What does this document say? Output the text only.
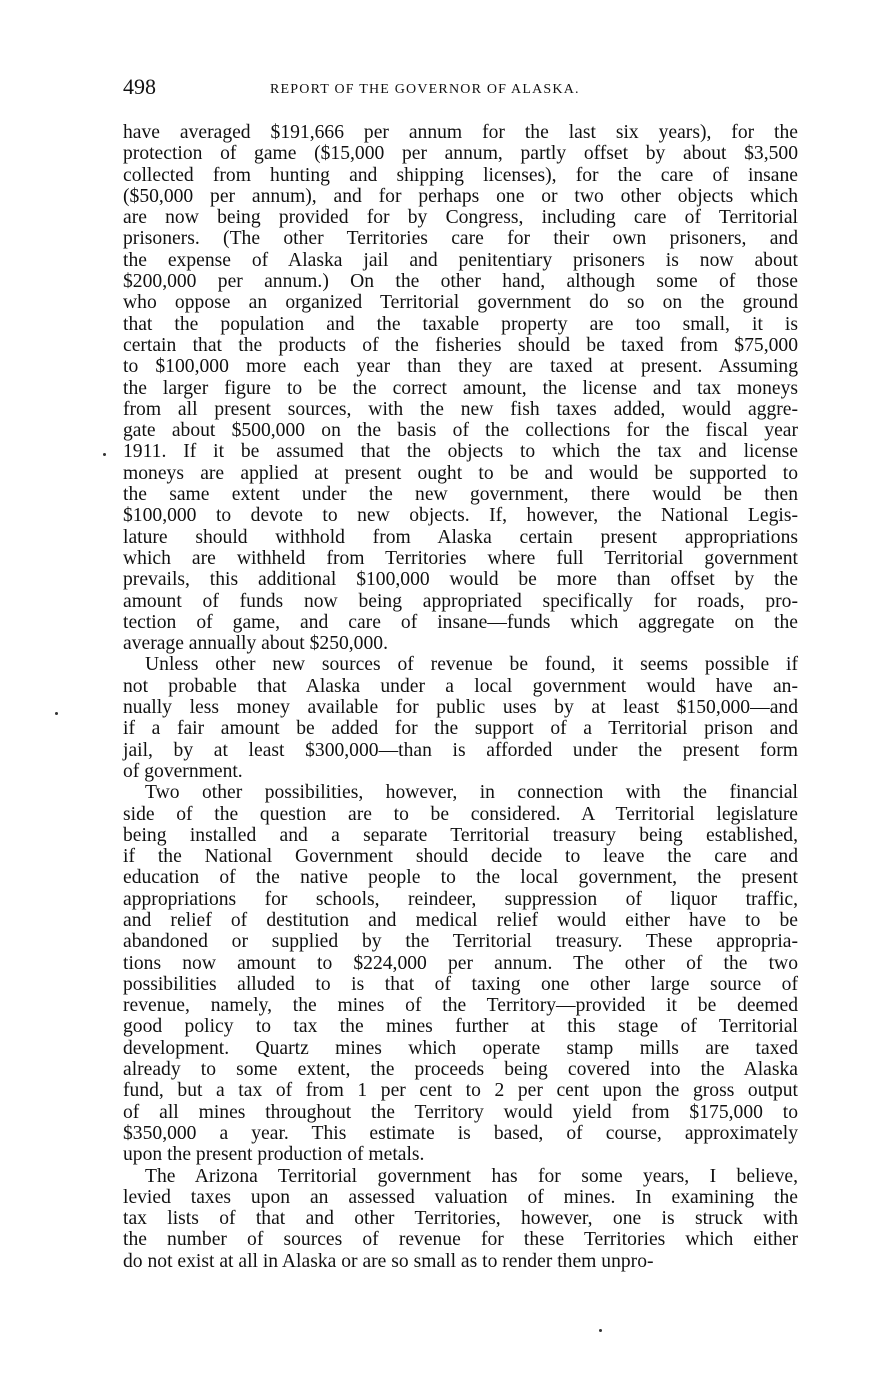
498	REPORT OF THE GOVERNOR OF ALASKA.
have averaged $191,666 per annum for the last six years), for the
protection of game ($15,000 per annum, partly offset by about $3,500
collected from hunting and shipping licenses), for the care of insane
($50,000 per annum), and for perhaps one or two other objects which
are now being provided for by Congress, including care of Territorial
prisoners. (The other Territories care for their own prisoners, and
the expense of Alaska jail and penitentiary prisoners is now about
$200,000 per annum.) On the other hand, although some of those
who oppose an organized Territorial government do so on the ground
that the population and the taxable property are too small, it is
certain that the products of the fisheries should be taxed from $75,000
to $100,000 more each year than they are taxed at present. Assuming
the larger figure to be the correct amount, the license and tax moneys
from all present sources, with the new fish taxes added, would aggre-
gate about $500,000 on the basis of the collections for the fiscal year
1911. If it be assumed that the objects to which the tax and license
moneys are applied at present ought to be and would be supported to
the same extent under the new government, there would be then
$100,000 to devote to new objects. If, however, the National Legis-
lature should withhold from Alaska certain present appropriations
which are withheld from Territories where full Territorial government
prevails, this additional $100,000 would be more than offset by the
amount of funds now being appropriated specifically for roads, pro-
tection of game, and care of insane—funds which aggregate on the
average annually about $250,000.
Unless other new sources of revenue be found, it seems possible if
not probable that Alaska under a local government would have an-
nually less money available for public uses by at least $150,000—and
if a fair amount be added for the support of a Territorial prison and
jail, by at least $300,000—than is afforded under the present form
of government.
Two other possibilities, however, in connection with the financial
side of the question are to be considered. A Territorial legislature
being installed and a separate Territorial treasury being established,
if the National Government should decide to leave the care and
education of the native people to the local government, the present
appropriations for schools, reindeer, suppression of liquor traffic,
and relief of destitution and medical relief would either have to be
abandoned or supplied by the Territorial treasury. These appropria-
tions now amount to $224,000 per annum. The other of the two
possibilities alluded to is that of taxing one other large source of
revenue, namely, the mines of the Territory—provided it be deemed
good policy to tax the mines further at this stage of Territorial
development. Quartz mines which operate stamp mills are taxed
already to some extent, the proceeds being covered into the Alaska
fund, but a tax of from 1 per cent to 2 per cent upon the gross output
of all mines throughout the Territory would yield from $175,000 to
$350,000 a year. This estimate is based, of course, approximately
upon the present production of metals.
The Arizona Territorial government has for some years, I believe,
levied taxes upon an assessed valuation of mines. In examining the
tax lists of that and other Territories, however, one is struck with
the number of sources of revenue for these Territories which either
do not exist at all in Alaska or are so small as to render them unpro-
